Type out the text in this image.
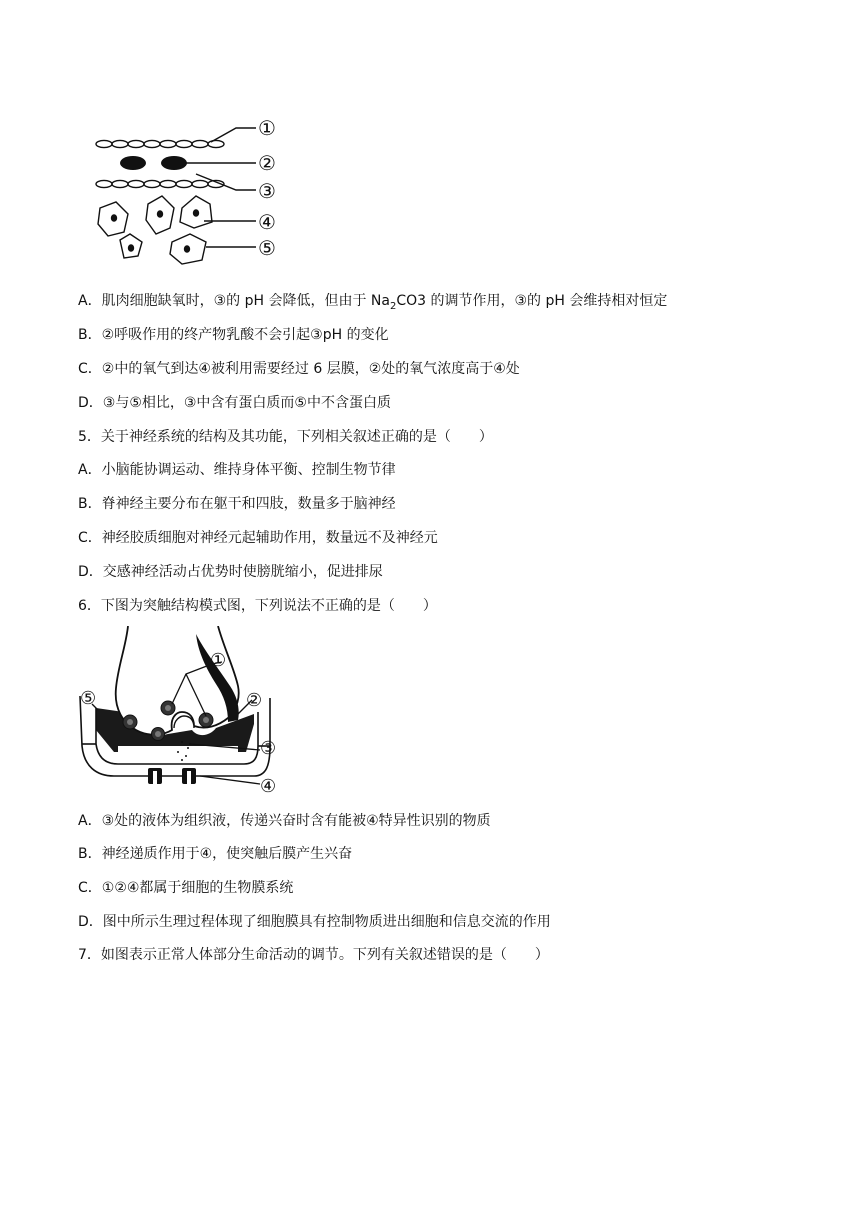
①
②
③
④
⑤
A．肌肉细胞缺氧时，③的 pH 会降低，但由于 $Na_2CO3$ 的调节作用，③的 pH 会维持相对恒定
B．②呼吸作用的终产物乳酸不会引起③pH 的变化
C．②中的氧气到达④被利用需要经过 6 层膜，②处的氧气浓度高于④处
D．③与⑤相比，③中含有蛋白质而⑤中不含蛋白质
5．关于神经系统的结构及其功能，下列相关叙述正确的是（　　）
A．小脑能协调运动、维持身体平衡、控制生物节律
B．脊神经主要分布在躯干和四肢，数量多于脑神经
C．神经胶质细胞对神经元起辅助作用，数量远不及神经元
D．交感神经活动占优势时使膀胱缩小，促进排尿
6．下图为突触结构模式图，下列说法不正确的是（　　）
①
②
③
④
⑤
A．③处的液体为组织液，传递兴奋时含有能被④特异性识别的物质
B．神经递质作用于④，使突触后膜产生兴奋
C．①②④都属于细胞的生物膜系统
D．图中所示生理过程体现了细胞膜具有控制物质进出细胞和信息交流的作用
7．如图表示正常人体部分生命活动的调节。下列有关叙述错误的是（　　）
